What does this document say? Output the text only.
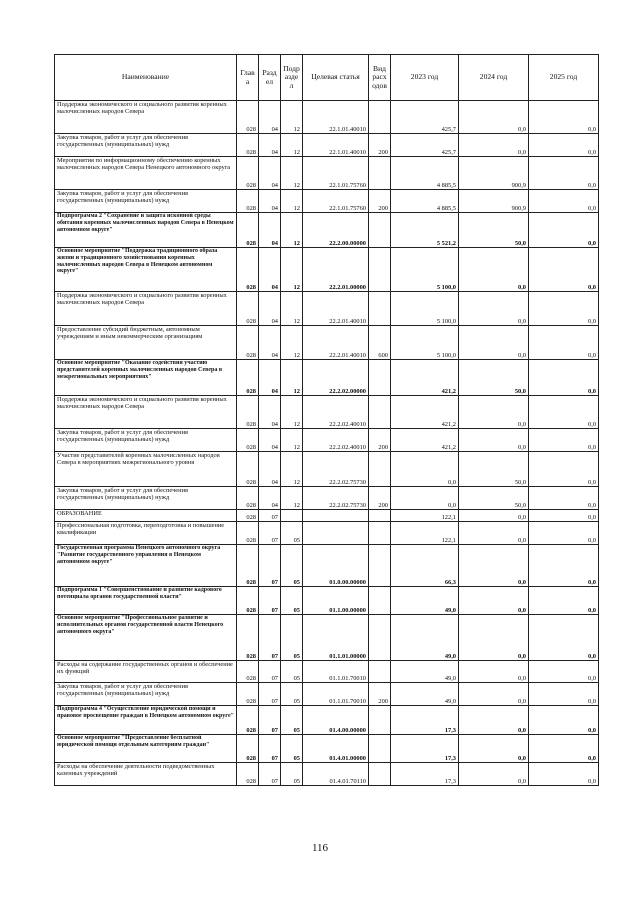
Наименование	Глав а	Разд ел	Подр азде л	Целевая статья	Вид расх одов	2023 год	2024 год	2025 год
Поддержка экономического и социального развития коренных малочисленных народов Севера	028	04	12	22.1.01.40010		425,7	0,0	0,0
Закупка товаров, работ и услуг для обеспечения государственных (муниципальных) нужд	028	04	12	22.1.01.40010	200	425,7	0,0	0,0
Мероприятия по информационному обеспечению коренных малочисленных народов Севера Ненецкого автономного округа	028	04	12	22.1.01.75760		4 885,5	900,9	0,0
Закупка товаров, работ и услуг для обеспечения государственных (муниципальных) нужд	028	04	12	22.1.01.75760	200	4 885,5	900,9	0,0
Подпрограмма 2 "Сохранение и защита исконной среды обитания коренных малочисленных народов Севера в Ненецком автономном округе"	028	04	12	22.2.00.00000		5 521,2	50,0	0,0
Основное мероприятие "Поддержка традиционного образа жизни и традиционного хозяйствования коренных малочисленных народов Севера в Ненецком автономном округе"	028	04	12	22.2.01.00000		5 100,0	0,0	0,0
Поддержка экономического и социального развития коренных малочисленных народов Севера	028	04	12	22.2.01.40010		5 100,0	0,0	0,0
Предоставление субсидий бюджетным, автономным учреждениям и иным некоммерческим организациям	028	04	12	22.2.01.40010	600	5 100,0	0,0	0,0
Основное мероприятие "Оказание содействия участию представителей коренных малочисленных народов Севера в межрегиональных мероприятиях"	028	04	12	22.2.02.00000		421,2	50,0	0,0
Поддержка экономического и социального развития коренных малочисленных народов Севера	028	04	12	22.2.02.40010		421,2	0,0	0,0
Закупка товаров, работ и услуг для обеспечения государственных (муниципальных) нужд	028	04	12	22.2.02.40010	200	421,2	0,0	0,0
Участие представителей коренных малочисленных народов Севера в мероприятиях межрегионального уровня	028	04	12	22.2.02.75730		0,0	50,0	0,0
Закупка товаров, работ и услуг для обеспечения государственных (муниципальных) нужд	028	04	12	22.2.02.75730	200	0,0	50,0	0,0
ОБРАЗОВАНИЕ	028	07				122,1	0,0	0,0
Профессиональная подготовка, переподготовка и повышение квалификации	028	07	05			122,1	0,0	0,0
Государственная программа Ненецкого автономного округа "Развитие государственного управления в Ненецком автономном округе"	028	07	05	01.0.00.00000		66,3	0,0	0,0
Подпрограмма 1 "Совершенствование и развитие кадрового потенциала органов государственной власти"	028	07	05	01.1.00.00000		49,0	0,0	0,0
Основное мероприятие "Профессиональное развитие и исполнительных органов государственной власти Ненецкого автономного округа"	028	07	05	01.1.01.00000		49,0	0,0	0,0
Расходы на содержание государственных органов и обеспечение их функций	028	07	05	01.1.01.70010		49,0	0,0	0,0
Закупка товаров, работ и услуг для обеспечения государственных (муниципальных) нужд	028	07	05	01.1.01.70010	200	49,0	0,0	0,0
Подпрограмма 4 "Осуществление юридической помощи и правовое просвещение граждан в Ненецком автономном округе"	028	07	05	01.4.00.00000		17,3	0,0	0,0
Основное мероприятие "Предоставление бесплатной юридической помощи отдельным категориям граждан"	028	07	05	01.4.01.00000		17,3	0,0	0,0
Расходы на обеспечение деятельности подведомственных казенных учреждений	028	07	05	01.4.01.70110		17,3	0,0	0,0
116
